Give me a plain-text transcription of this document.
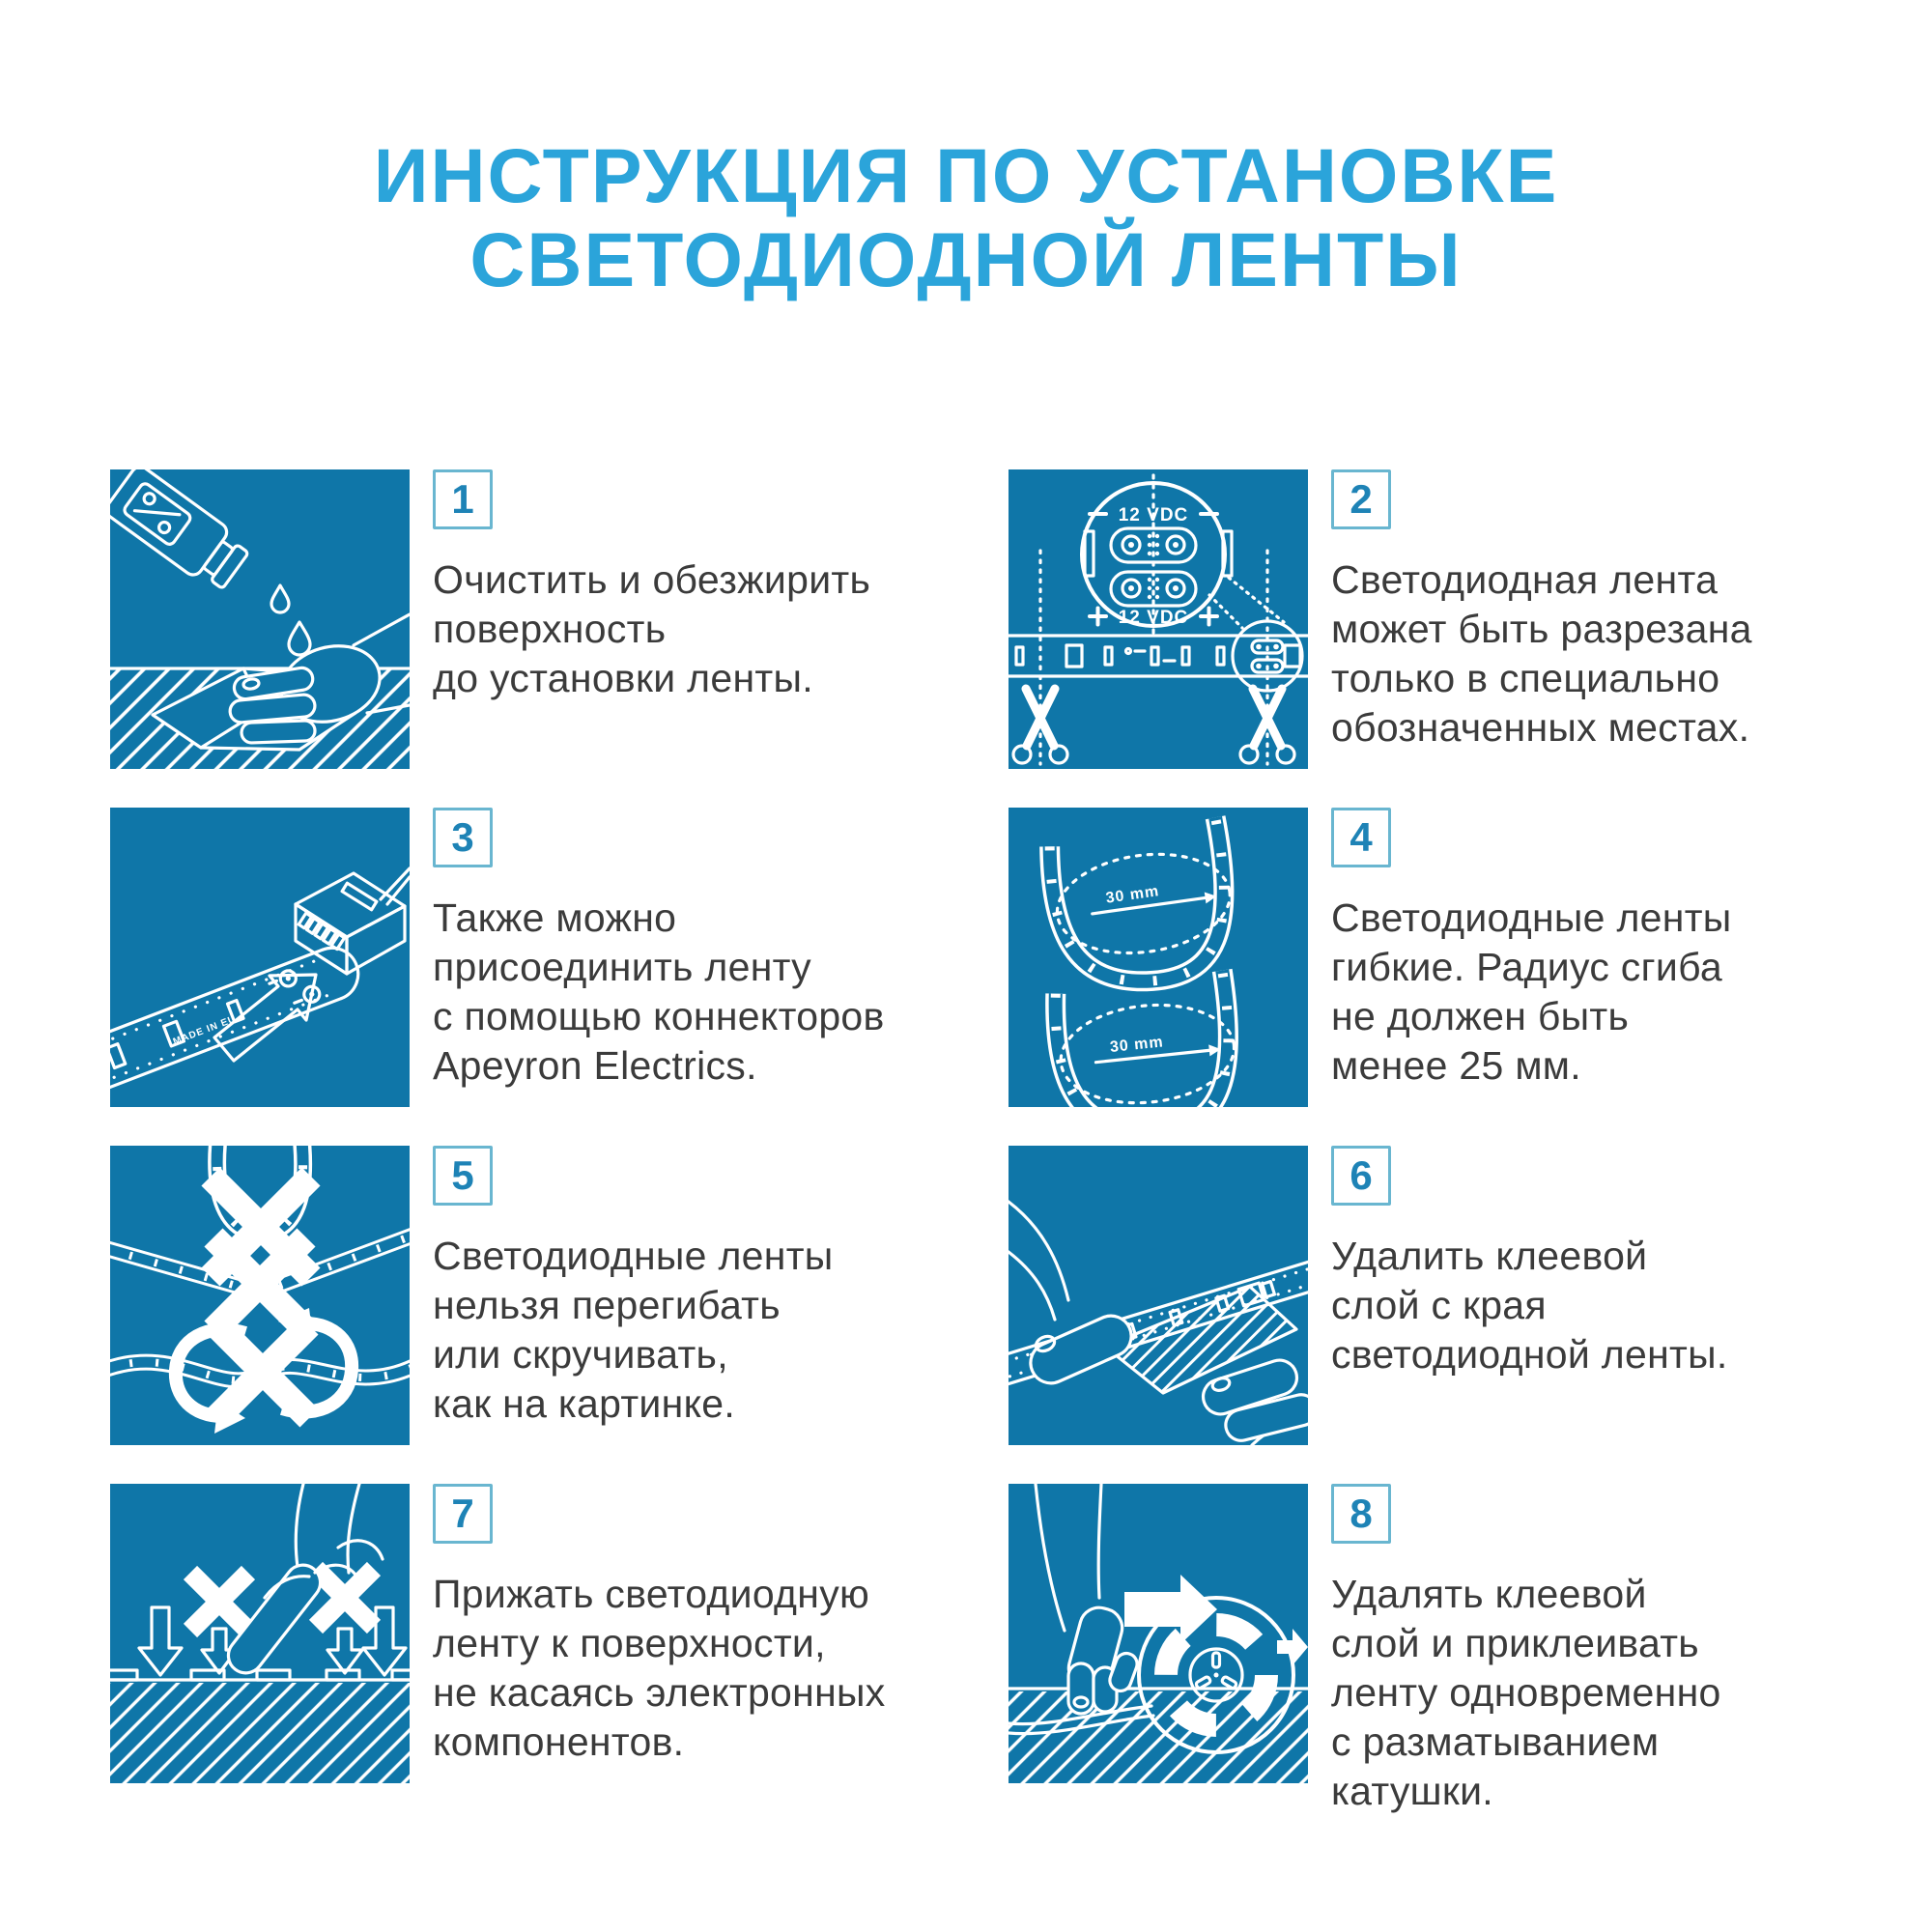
ИНСТРУКЦИЯ ПО УСТАНОВКЕ
СВЕТОДИОДНОЙ ЛЕНТЫ
1

Очистить и обезжирить
поверхность
до установки ленты.

12 VDC
12 VDC
2

Светодиодная лента
может быть разрезана
только в специально
обозначенных местах.

MADE IN EU
3

Также можно
присоединить ленту
с помощью коннекторов
Apeyron Electrics.

30 mm
30 mm
4

Светодиодные ленты
гибкие. Радиус сгиба
не должен быть
менее 25 мм.

5

Светодиодные ленты
нельзя перегибать
или скручивать,
как на картинке.

6

Удалить клеевой
слой с края
светодиодной ленты.

7

Прижать светодиодную
ленту к поверхности,
не касаясь электронных
компонентов.

8

Удалять клеевой
слой и приклеивать
ленту одновременно
с разматыванием
катушки.
